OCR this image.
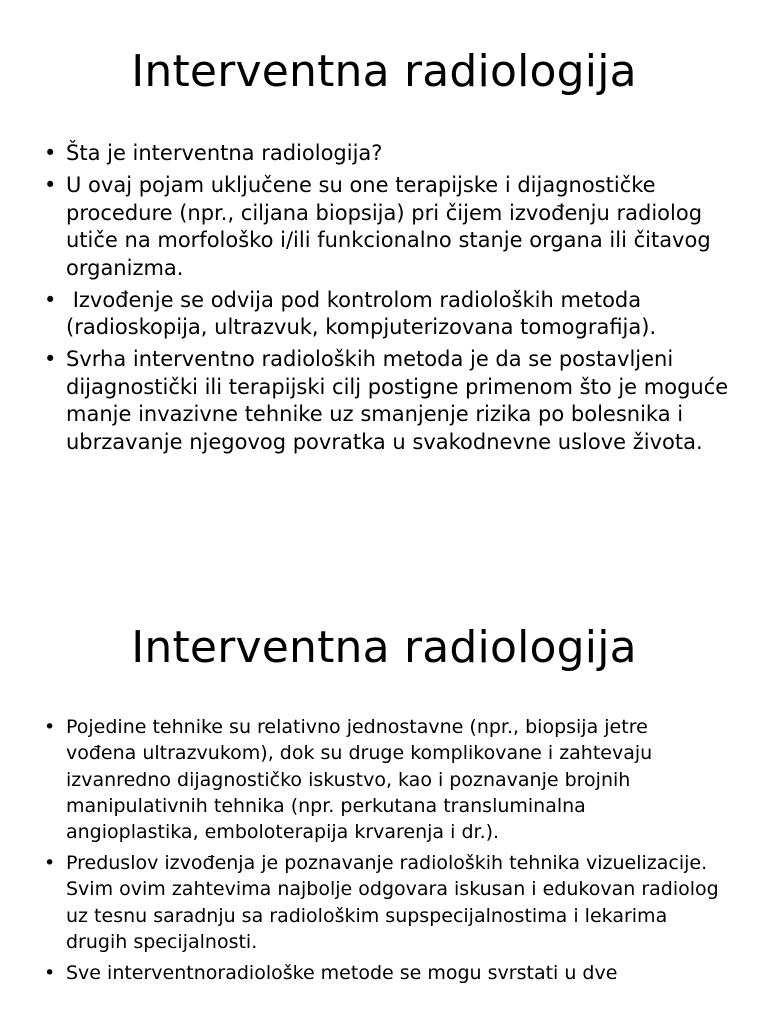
Interventna radiologija
• Šta je interventna radiologija?
• U ovaj pojam uključene su one terapijske i dijagnostičke procedure (npr., ciljana biopsija) pri čijem izvođenju radiolog utiče na morfološko i/ili funkcionalno stanje organa ili čitavog organizma.
• Izvođenje se odvija pod kontrolom radioloških metoda (radioskopija, ultrazvuk, kompjuterizovana tomografija).
• Svrha interventno radioloških metoda je da se postavljeni dijagnostički ili terapijski cilj postigne primenom što je moguće manje invazivne tehnike uz smanjenje rizika po bolesnika i ubrzavanje njegovog povratka u svakodnevne uslove života.
Interventna radiologija
• Pojedine tehnike su relativno jednostavne (npr., biopsija jetre vođena ultrazvukom), dok su druge komplikovane i zahtevaju izvanredno dijagnostičko iskustvo, kao i poznavanje brojnih manipulativnih tehnika (npr. perkutana transluminalna angioplastika, emboloterapija krvarenja i dr.).
• Preduslov izvođenja je poznavanje radioloških tehnika vizuelizacije. Svim ovim zahtevima najbolje odgovara iskusan i edukovan radiolog uz tesnu saradnju sa radiološkim supspecijalnostima i lekarima drugih specijalnosti.
• Sve interventnoradiološke metode se mogu svrstati u dve
